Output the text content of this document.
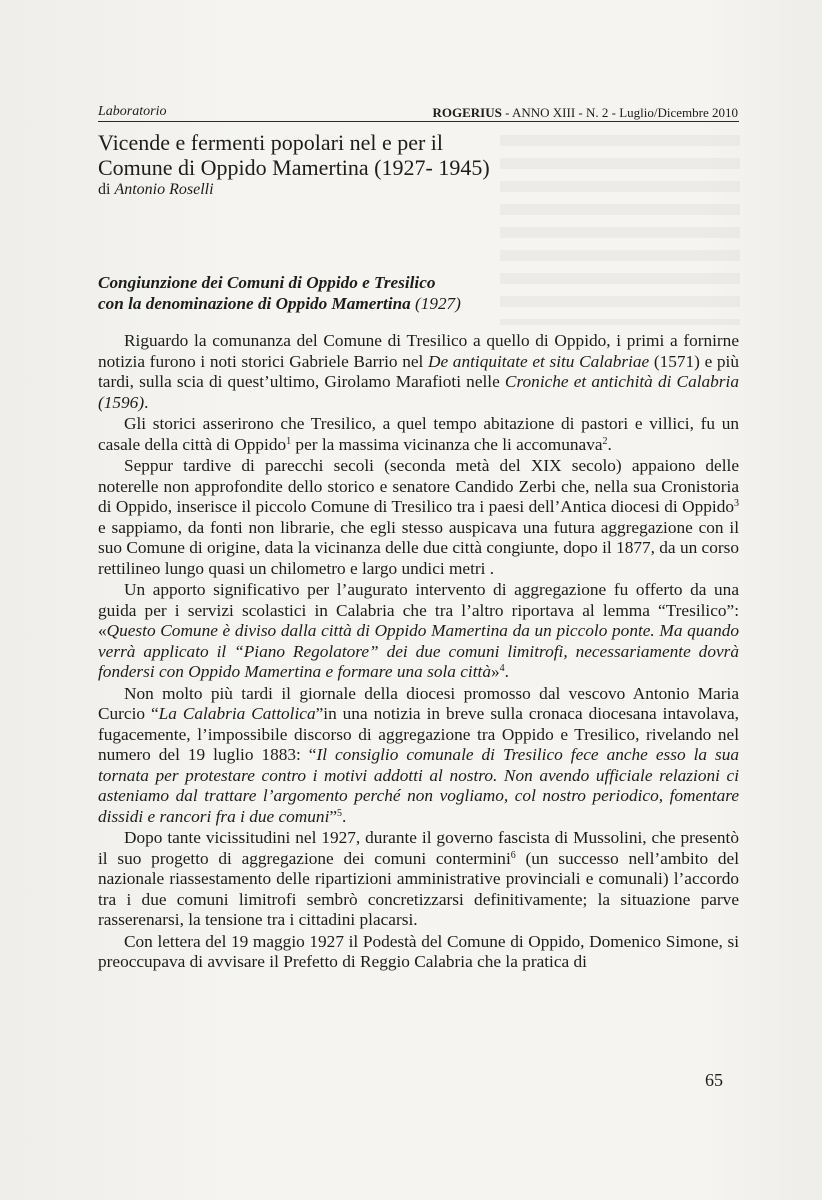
Laboratorio	ROGERIUS - ANNO XIII - N. 2 - Luglio/Dicembre 2010
Vicende e fermenti popolari nel e per il
Comune di Oppido Mamertina (1927- 1945)
di Antonio Roselli
Congiunzione dei Comuni di Oppido e Tresilico
con la denominazione di Oppido Mamertina (1927)

Riguardo la comunanza del Comune di Tresilico a quello di Oppido, i primi a fornirne notizia furono i noti storici Gabriele Barrio nel De antiquitate et situ Calabriae (1571) e più tardi, sulla scia di quest’ultimo, Girolamo Marafioti nelle Croniche et antichità di Calabria (1596).

Gli storici asserirono che Tresilico, a quel tempo abitazione di pastori e villici, fu un casale della città di Oppido$^1$ per la massima vicinanza che li accomunava$^2$.

Seppur tardive di parecchi secoli (seconda metà del XIX secolo) appaiono delle noterelle non approfondite dello storico e senatore Candido Zerbi che, nella sua Cronistoria di Oppido, inserisce il piccolo Comune di Tresilico tra i paesi dell’Antica diocesi di Oppido$^3$ e sappiamo, da fonti non librarie, che egli stesso auspicava una futura aggregazione con il suo Comune di origine, data la vicinanza delle due città congiunte, dopo il 1877, da un corso rettilineo lungo quasi un chilometro e largo undici metri .

Un apporto significativo per l’augurato intervento di aggregazione fu offerto da una guida per i servizi scolastici in Calabria che tra l’altro riportava al lemma “Tresilico”: «Questo Comune è diviso dalla città di Oppido Mamertina da un piccolo ponte. Ma quando verrà applicato il “Piano Regolatore” dei due comuni limitrofi, necessariamente dovrà fondersi con Oppido Mamertina e formare una sola città»$^4$.

Non molto più tardi il giornale della diocesi promosso dal vescovo Antonio Maria Curcio “La Calabria Cattolica”in una notizia in breve sulla cronaca diocesana intavolava, fugacemente, l’impossibile discorso di aggregazione tra Oppido e Tresilico, rivelando nel numero del 19 luglio 1883: “Il consiglio comunale di Tresilico fece anche esso la sua tornata per protestare contro i motivi addotti al nostro. Non avendo ufficiale relazioni ci asteniamo dal trattare l’argomento perché non vogliamo, col nostro periodico, fomentare dissidi e rancori fra i due comuni”$^5$.

Dopo tante vicissitudini nel 1927, durante il governo fascista di Mussolini, che presentò il suo progetto di aggregazione dei comuni contermini$^6$ (un successo nell’ambito del nazionale riassestamento delle ripartizioni amministrative provinciali e comunali) l’accordo tra i due comuni limitrofi sembrò concretizzarsi definitivamente; la situazione parve rasserenarsi, la tensione tra i cittadini placarsi.

Con lettera del 19 maggio 1927 il Podestà del Comune di Oppido, Domenico Simone, si preoccupava di avvisare il Prefetto di Reggio Calabria che la pratica di

65
